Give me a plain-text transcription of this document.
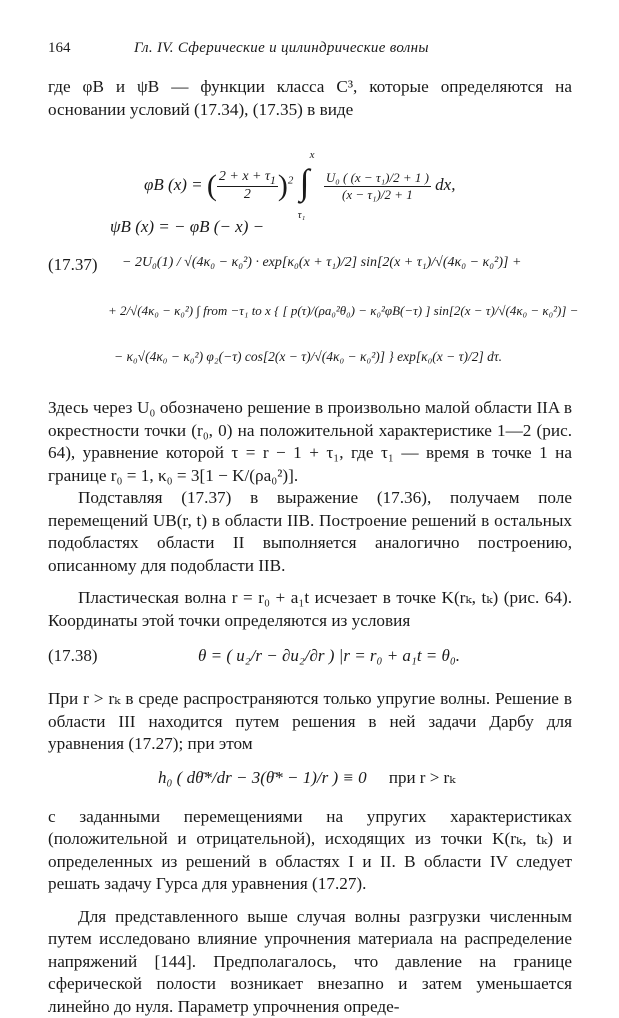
164	Гл. IV. Сферические и цилиндрические волны

где φB и ψB — функции класса C³, которые определяются на основании условий (17.34), (17.35) в виде

φB (x) = ( $\frac{2 + x + \tau_1}{2} )^2$ ∫
x
τ₁

$\frac{\text{U₀ ( (x − τ₁)/2 + 1 )}}{\text{(x − τ₁)/2 + 1}}$ dx,
ψB (x) = − φB (− x) −
(17.37) − 2U₀(1) / √(4κ₀ − κ₀²) · exp[κ₀(x + τ₁)/2] sin[2(x + τ₁)/√(4κ₀ − κ₀²)] +
+ 2/√(4κ₀ − κ₀²) ∫ from −τ₁ to x { [ p(τ)/(ρa₀²θ₀) − κ₀²φB(−τ) ] sin[2(x − τ)/√(4κ₀ − κ₀²)] −
− κ₀√(4κ₀ − κ₀²) φ₂(−τ) cos[2(x − τ)/√(4κ₀ − κ₀²)] } exp[κ₀(x − τ)/2] dτ.

Здесь через U₀ обозначено решение в произвольно малой области IIA в окрестности точки (r₀, 0) на положительной характеристике 1—2 (рис. 64), уравнение которой τ = r − 1 + τ₁, где τ₁ — время в точке 1 на границе r₀ = 1, κ₀ = 3[1 − K/(ρa₀²)].

Подставляя (17.37) в выражение (17.36), получаем поле перемещений UB(r, t) в области IIB. Построение решений в остальных подобластях области II выполняется аналогично построению, описанному для подобласти IIB.

Пластическая волна r = r₀ + a₁t исчезает в точке K(rₖ, tₖ) (рис. 64). Координаты этой точки определяются из условия

(17.38)	θ = ( u₂/r − ∂u₂/∂r ) |r = r₀ + a₁t = θ₀.

При r > rₖ в среде распространяются только упругие волны. Решение в области III находится путем решения в ней задачи Дарбу для уравнения (17.27); при этом

h₀ ( dθ̄*/dr − 3(θ̄* − 1)/r ) ≡ 0 при r > rₖ

с заданными перемещениями на упругих характеристиках (положительной и отрицательной), исходящих из точки K(rₖ, tₖ) и определенных из решений в областях I и II. В области IV следует решать задачу Гурса для уравнения (17.27).

Для представленного выше случая волны разгрузки численным путем исследовано влияние упрочнения материала на распределение напряжений [144]. Предполагалось, что давление на границе сферической полости возникает внезапно и затем уменьшается линейно до нуля. Параметр упрочнения опреде-
